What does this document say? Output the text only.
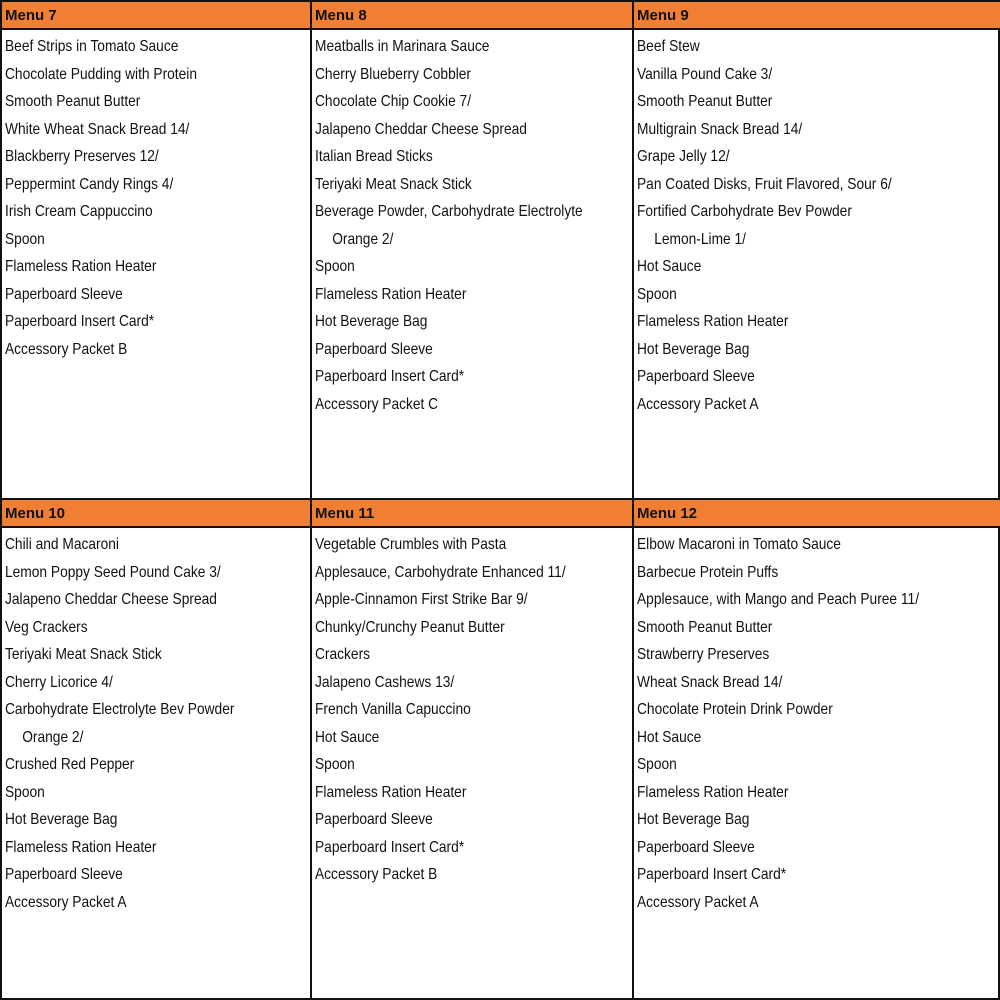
Menu 7
Beef Strips in Tomato Sauce
Chocolate Pudding with Protein
Smooth Peanut Butter
White Wheat Snack Bread 14/
Blackberry Preserves 12/
Peppermint Candy Rings 4/
Irish Cream Cappuccino
Spoon
Flameless Ration Heater
Paperboard Sleeve
Paperboard Insert Card*
Accessory Packet B
Menu 8
Meatballs in Marinara Sauce
Cherry Blueberry Cobbler
Chocolate Chip Cookie 7/
Jalapeno Cheddar Cheese Spread
Italian Bread Sticks
Teriyaki Meat Snack Stick
Beverage Powder, Carbohydrate Electrolyte
Orange 2/
Spoon
Flameless Ration Heater
Hot Beverage Bag
Paperboard Sleeve
Paperboard Insert Card*
Accessory Packet C
Menu 9
Beef Stew
Vanilla Pound Cake 3/
Smooth Peanut Butter
Multigrain Snack Bread 14/
Grape Jelly 12/
Pan Coated Disks, Fruit Flavored, Sour 6/
Fortified Carbohydrate Bev Powder
Lemon-Lime 1/
Hot Sauce
Spoon
Flameless Ration Heater
Hot Beverage Bag
Paperboard Sleeve
Accessory Packet A
Menu 10
Chili and Macaroni
Lemon Poppy Seed Pound Cake 3/
Jalapeno Cheddar Cheese Spread
Veg Crackers
Teriyaki Meat Snack Stick
Cherry Licorice 4/
Carbohydrate Electrolyte Bev Powder
Orange 2/
Crushed Red Pepper
Spoon
Hot Beverage Bag
Flameless Ration Heater
Paperboard Sleeve
Accessory Packet A
Menu 11
Vegetable Crumbles with Pasta
Applesauce, Carbohydrate Enhanced 11/
Apple-Cinnamon First Strike Bar 9/
Chunky/Crunchy Peanut Butter
Crackers
Jalapeno Cashews 13/
French Vanilla Capuccino
Hot Sauce
Spoon
Flameless Ration Heater
Paperboard Sleeve
Paperboard Insert Card*
Accessory Packet B
Menu 12
Elbow Macaroni in Tomato Sauce
Barbecue Protein Puffs
Applesauce, with Mango and Peach Puree 11/
Smooth Peanut Butter
Strawberry Preserves
Wheat Snack Bread 14/
Chocolate Protein Drink Powder
Hot Sauce
Spoon
Flameless Ration Heater
Hot Beverage Bag
Paperboard Sleeve
Paperboard Insert Card*
Accessory Packet A
